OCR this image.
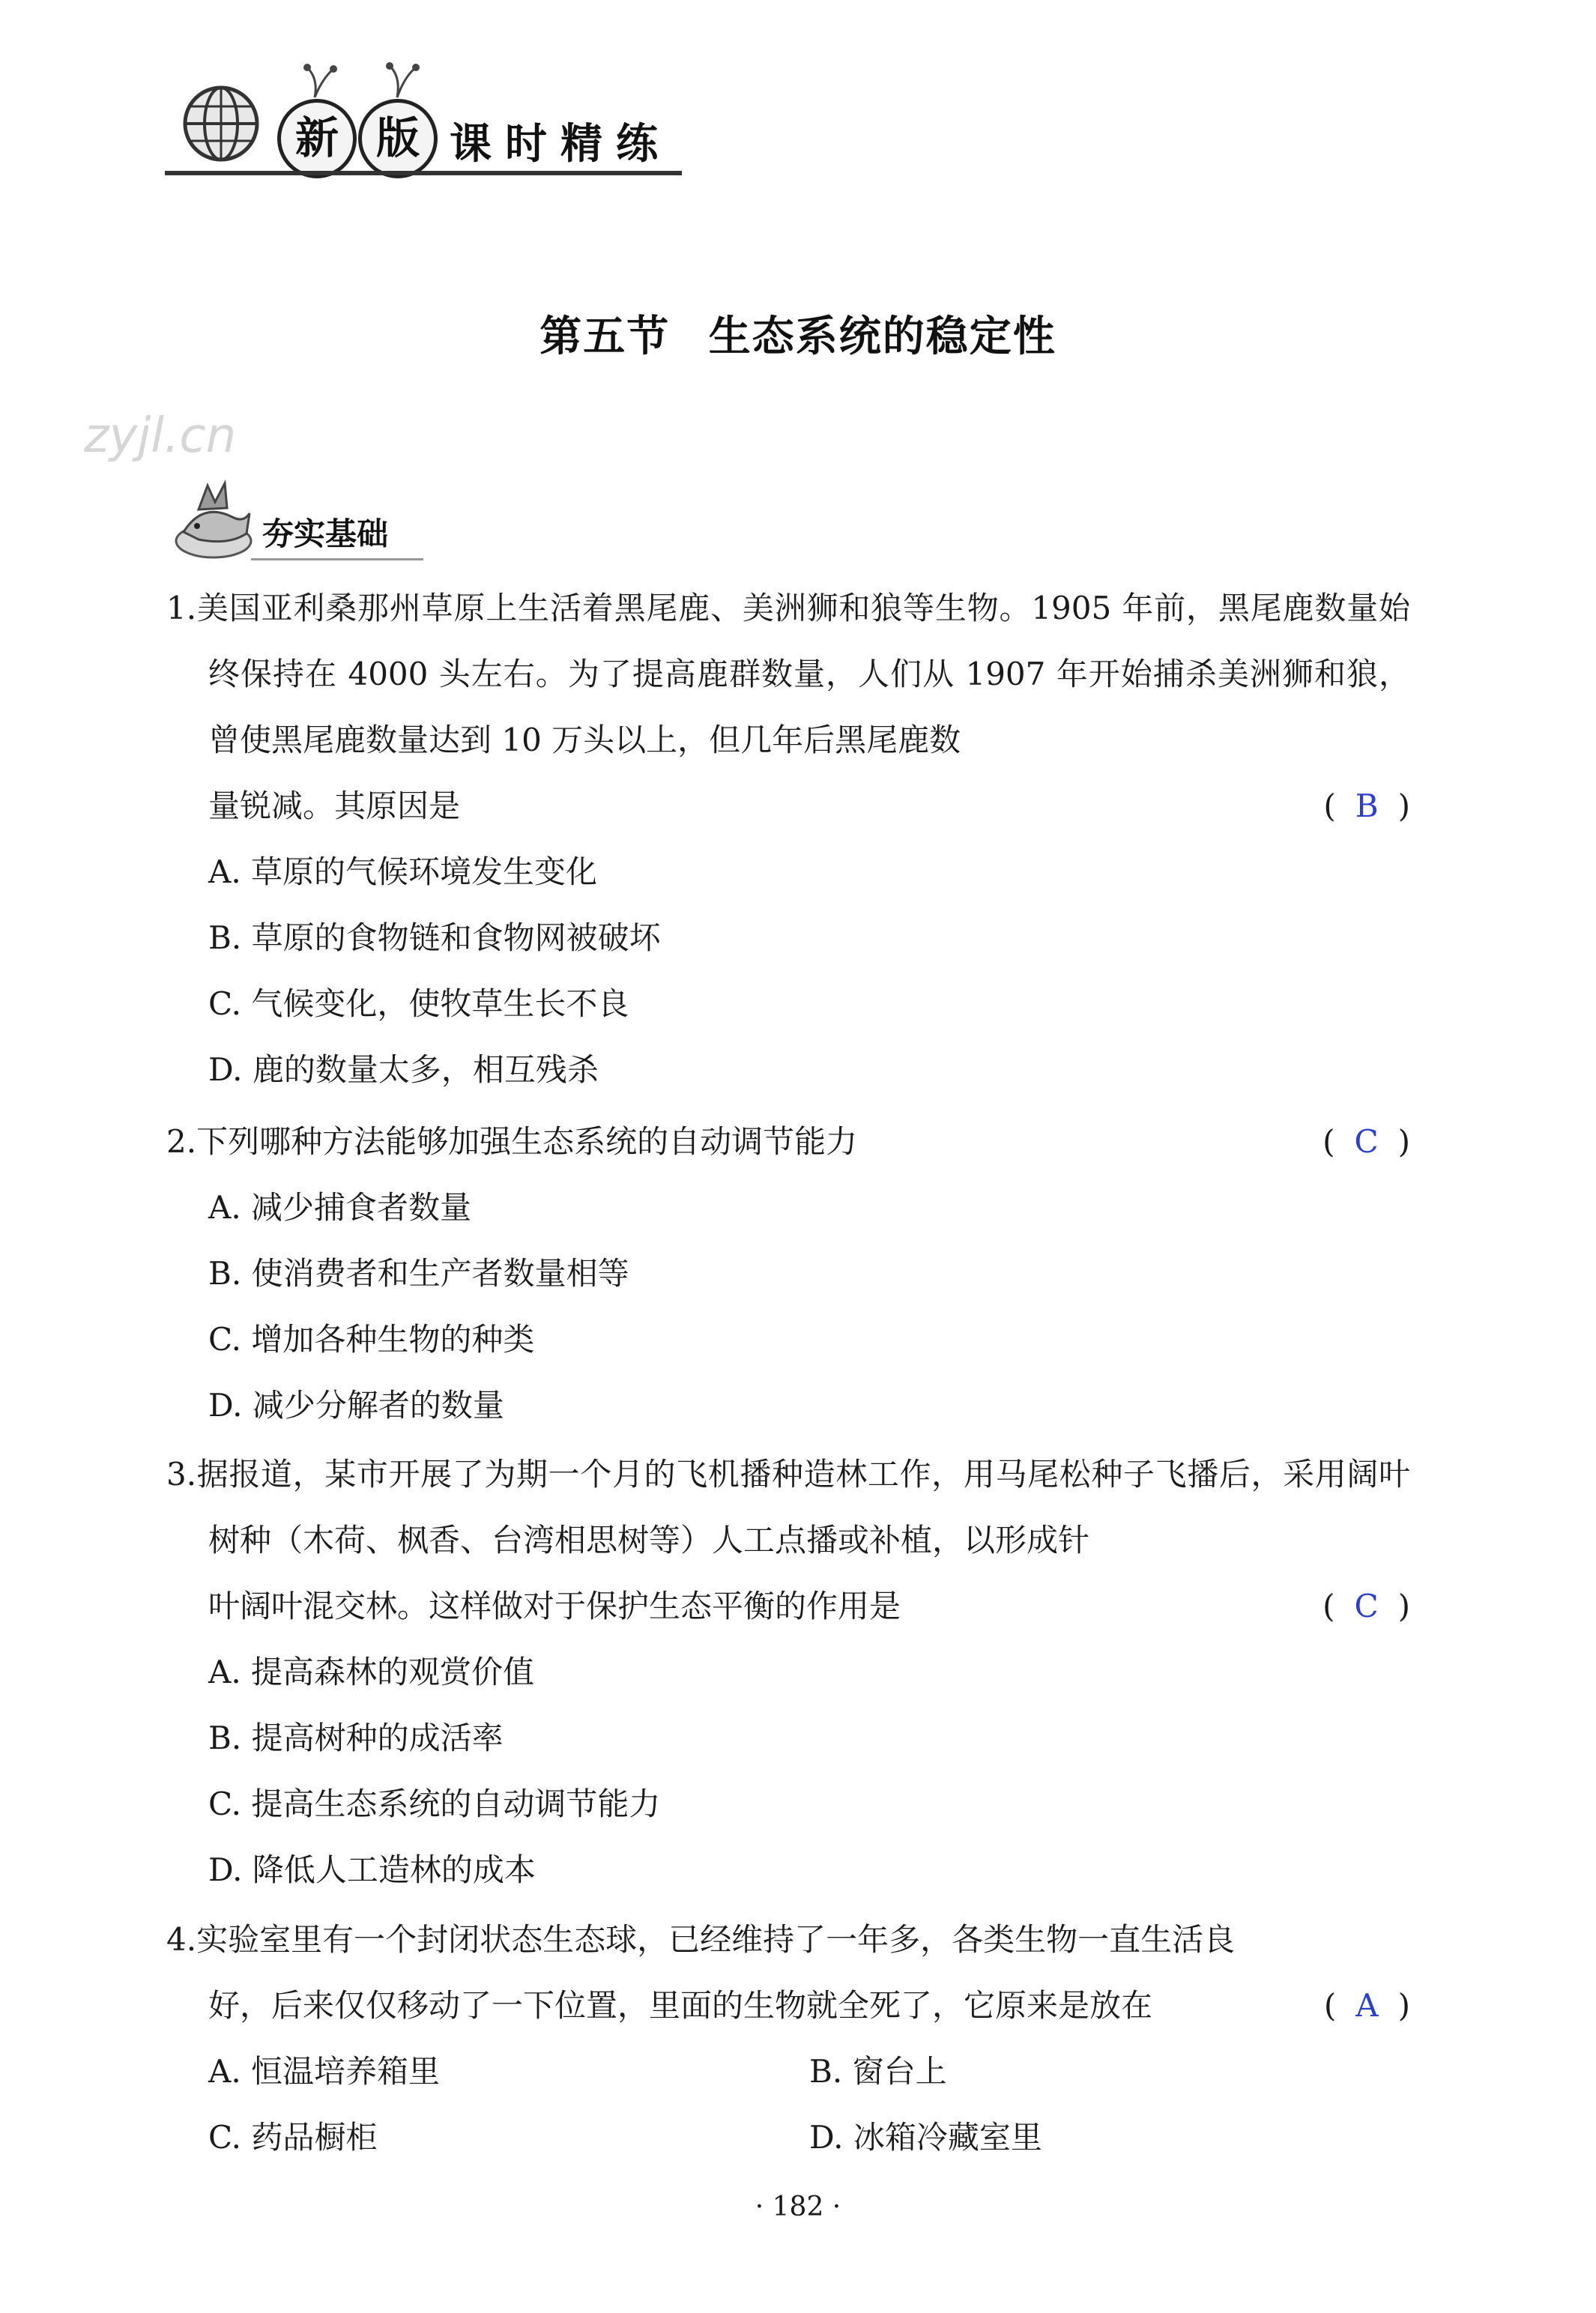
新 版 课时精练
第五节 生态系统的稳定性
zyjl.cn
夯实基础
1.美国亚利桑那州草原上生活着黑尾鹿、美洲狮和狼等生物。1905 年前，黑尾鹿数量始终保持在 4000 头左右。为了提高鹿群数量，人们从 1907 年开始捕杀美洲狮和狼，曾使黑尾鹿数量达到 10 万头以上，但几年后黑尾鹿数
量锐减。其原因是	( B )
A. 草原的气候环境发生变化
B. 草原的食物链和食物网被破坏
C. 气候变化，使牧草生长不良
D. 鹿的数量太多，相互残杀
2.下列哪种方法能够加强生态系统的自动调节能力	( C )
A. 减少捕食者数量
B. 使消费者和生产者数量相等
C. 增加各种生物的种类
D. 减少分解者的数量
3.据报道，某市开展了为期一个月的飞机播种造林工作，用马尾松种子飞播后，采用阔叶树种（木荷、枫香、台湾相思树等）人工点播或补植，以形成针
叶阔叶混交林。这样做对于保护生态平衡的作用是	( C )
A. 提高森林的观赏价值
B. 提高树种的成活率
C. 提高生态系统的自动调节能力
D. 降低人工造林的成本
4.实验室里有一个封闭状态生态球，已经维持了一年多，各类生物一直生活良
好，后来仅仅移动了一下位置，里面的生物就全死了，它原来是放在	( A )
A. 恒温培养箱里	B. 窗台上
C. 药品橱柜	D. 冰箱冷藏室里
· 182 ·
